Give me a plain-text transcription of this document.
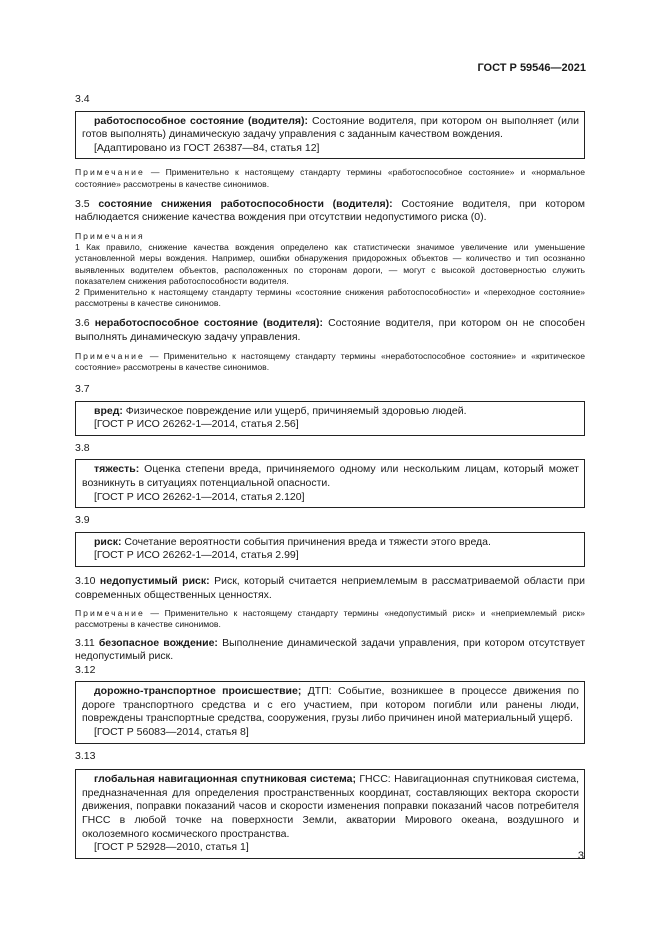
ГОСТ Р 59546—2021
3.4
работоспособное состояние (водителя): Состояние водителя, при котором он выполняет (или готов выполнять) динамическую задачу управления с заданным качеством вождения.
[Адаптировано из ГОСТ 26387—84, статья 12]

Примечание — Применительно к настоящему стандарту термины «работоспособное состояние» и «нормальное состояние» рассмотрены в качестве синонимов.

3.5 состояние снижения работоспособности (водителя): Состояние водителя, при котором наблюдается снижение качества вождения при отсутствии недопустимого риска (0).

Примечания

1 Как правило, снижение качества вождения определено как статистически значимое увеличение или уменьшение установленной меры вождения. Например, ошибки обнаружения придорожных объектов — количество и тип осознанно выявленных водителем объектов, расположенных по сторонам дороги, — могут с высокой достоверностью служить показателем снижения работоспособности водителя.

2 Применительно к настоящему стандарту термины «состояние снижения работоспособности» и «переходное состояние» рассмотрены в качестве синонимов.

3.6 неработоспособное состояние (водителя): Состояние водителя, при котором он не способен выполнять динамическую задачу управления.

Примечание — Применительно к настоящему стандарту термины «неработоспособное состояние» и «критическое состояние» рассмотрены в качестве синонимов.

3.7
вред: Физическое повреждение или ущерб, причиняемый здоровью людей.
[ГОСТ Р ИСО 26262-1—2014, статья 2.56]
3.8
тяжесть: Оценка степени вреда, причиняемого одному или нескольким лицам, который может возникнуть в ситуациях потенциальной опасности.
[ГОСТ Р ИСО 26262-1—2014, статья 2.120]
3.9
риск: Сочетание вероятности события причинения вреда и тяжести этого вреда.
[ГОСТ Р ИСО 26262-1—2014, статья 2.99]

3.10 недопустимый риск: Риск, который считается неприемлемым в рассматриваемой области при современных общественных ценностях.

Примечание — Применительно к настоящему стандарту термины «недопустимый риск» и «неприемлемый риск» рассмотрены в качестве синонимов.

3.11 безопасное вождение: Выполнение динамической задачи управления, при котором отсутствует недопустимый риск.

3.12
дорожно-транспортное происшествие; ДТП: Событие, возникшее в процессе движения по дороге транспортного средства и с его участием, при котором погибли или ранены люди, повреждены транспортные средства, сооружения, грузы либо причинен иной материальный ущерб.
[ГОСТ Р 56083—2014, статья 8]
3.13
глобальная навигационная спутниковая система; ГНСС: Навигационная спутниковая система, предназначенная для определения пространственных координат, составляющих вектора скорости движения, поправки показаний часов и скорости изменения поправки показаний часов потребителя ГНСС в любой точке на поверхности Земли, акватории Мирового океана, воздушного и околоземного космического пространства.
[ГОСТ Р 52928—2010, статья 1]
3
